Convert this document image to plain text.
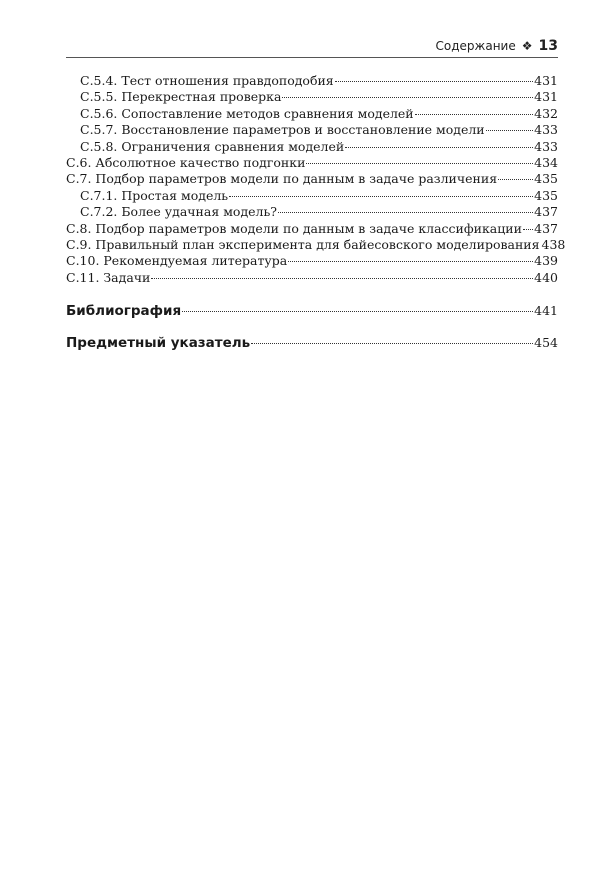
Содержание ❖ 13
С.5.4. Тест отношения правдоподобия	431
С.5.5. Перекрестная проверка	431
С.5.6. Сопоставление методов сравнения моделей	432
С.5.7. Восстановление параметров и восстановление модели	433
С.5.8. Ограничения сравнения моделей	433
С.6. Абсолютное качество подгонки	434
С.7. Подбор параметров модели по данным в задаче различения	435
С.7.1. Простая модель	435
С.7.2. Более удачная модель?	437
С.8. Подбор параметров модели по данным в задаче классификации 437
С.9. Правильный план эксперимента для байесовского моделирования 438
С.10. Рекомендуемая литература	439
С.11. Задачи	440
Библиография	441
Предметный указатель	454
